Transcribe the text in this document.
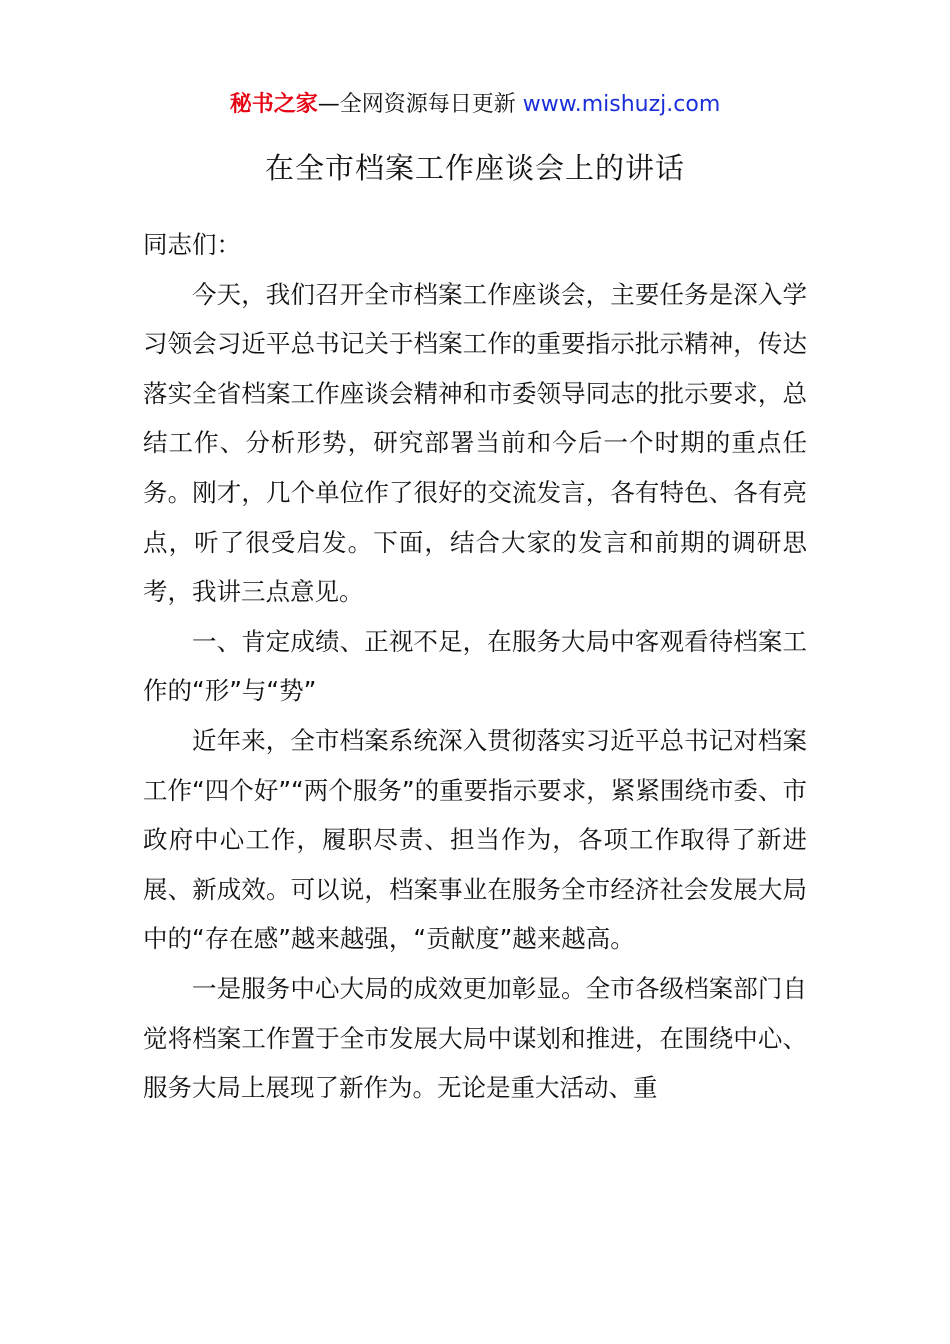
秘书之家—全网资源每日更新 www.mishuzj.com
在全市档案工作座谈会上的讲话

同志们：

今天，我们召开全市档案工作座谈会，主要任务是深入学习领会习近平总书记关于档案工作的重要指示批示精神，传达落实全省档案工作座谈会精神和市委领导同志的批示要求，总结工作、分析形势，研究部署当前和今后一个时期的重点任务。刚才，几个单位作了很好的交流发言，各有特色、各有亮点，听了很受启发。下面，结合大家的发言和前期的调研思考，我讲三点意见。

一、肯定成绩、正视不足，在服务大局中客观看待档案工作的“形”与“势”

近年来，全市档案系统深入贯彻落实习近平总书记对档案工作“四个好”“两个服务”的重要指示要求，紧紧围绕市委、市政府中心工作，履职尽责、担当作为，各项工作取得了新进展、新成效。可以说，档案事业在服务全市经济社会发展大局中的“存在感”越来越强，“贡献度”越来越高。

一是服务中心大局的成效更加彰显。全市各级档案部门自觉将档案工作置于全市发展大局中谋划和推进，在围绕中心、服务大局上展现了新作为。无论是重大活动、重
